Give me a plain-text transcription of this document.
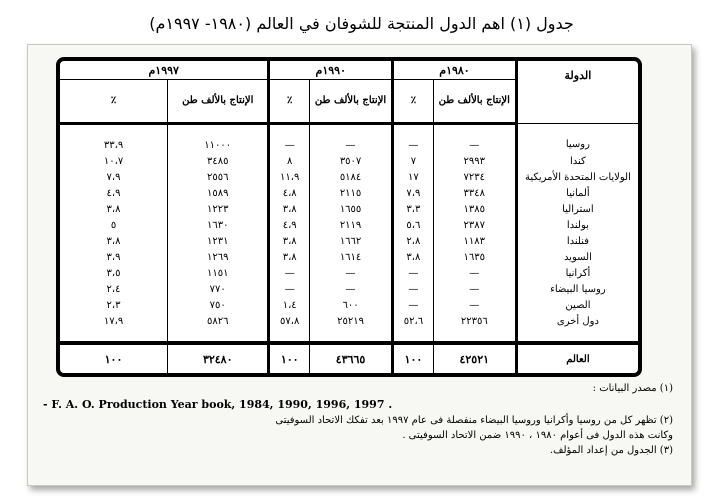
جدول (١) اهم الدول المنتجة للشوفان في العالم (١٩٨٠- ١٩٩٧م)
الدولة	١٩٨٠م		١٩٩٠م		١٩٩٧م	
	الإنتاج بالألف طن	٪	الإنتاج بالألف طن	٪	الإنتاج بالألف طن	٪
روسيا	—	—	—	—	١١٠٠٠	٣٣،٩
كندا	٢٩٩٣	٧	٣٥٠٧	٨	٣٤٨٥	١٠،٧
الولايات المتحدة الأمريكية	٧٢٣٤	١٧	٥١٨٤	١١،٩	٢٥٥٦	٧،٩
ألمانيا	٣٣٤٨	٧،٩	٢١١٥	٤،٨	١٥٨٩	٤،٩
استراليا	١٣٨٥	٣،٣	١٦٥٥	٣،٨	١٢٢٣	٣،٨
بولندا	٢٣٨٧	٥،٦	٢١١٩	٤،٩	١٦٣٠	٥
فنلندا	١١٨٣	٢،٨	١٦٦٢	٣،٨	١٢٣١	٣،٨
السويد	١٦٣٥	٣،٨	١٦١٤	٣،٨	١٢٦٩	٣،٩
أكرانيا	—	—	—	—	١١٥١	٣،٥
روسيا البيضاء	—	—	—	—	٧٧٠	٢،٤
الصين	—	—	٦٠٠	١،٤	٧٥٠	٢،٣
دول أخرى	٢٢٣٥٦	٥٢،٦	٢٥٢١٩	٥٧،٨	٥٨٢٦	١٧،٩
العالم	٤٢٥٢١	١٠٠	٤٣٦٦٥	١٠٠	٣٢٤٨٠	١٠٠
(١) مصدر البيانات :
- F. A. O. Production Year book, 1984, 1990, 1996, 1997 .
(٢) تظهر كل من روسيا وأكرانيا وروسيا البيضاء منفصلة فى عام ١٩٩٧ بعد تفكك الاتحاد السوفيتى
وكانت هذه الدول فى أعوام ١٩٨٠ ، ١٩٩٠ ضمن الاتحاد السوفيتى .
(٣) الجدول من إعداد المؤلف.
